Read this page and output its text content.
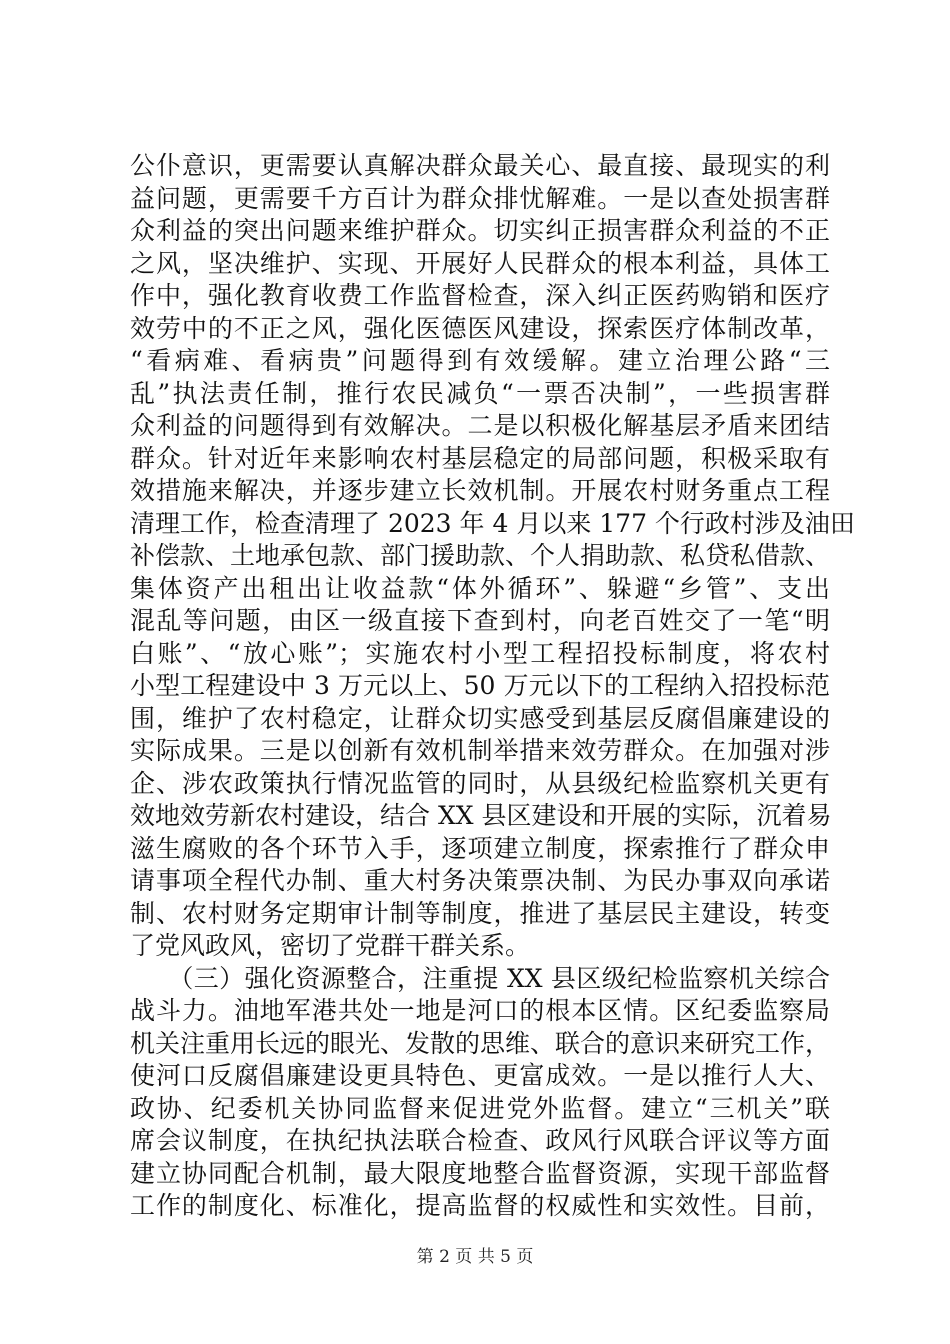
公仆意识，更需要认真解决群众最关心、最直接、最现实的利
益问题，更需要千方百计为群众排忧解难。一是以查处损害群
众利益的突出问题来维护群众。切实纠正损害群众利益的不正
之风，坚决维护、实现、开展好人民群众的根本利益，具体工
作中，强化教育收费工作监督检查，深入纠正医药购销和医疗
效劳中的不正之风，强化医德医风建设，探索医疗体制改革，
“看病难、看病贵”问题得到有效缓解。建立治理公路“三
乱”执法责任制，推行农民减负“一票否决制”，一些损害群
众利益的问题得到有效解决。二是以积极化解基层矛盾来团结
群众。针对近年来影响农村基层稳定的局部问题，积极采取有
效措施来解决，并逐步建立长效机制。开展农村财务重点工程
清理工作，检查清理了 2023 年 4 月以来 177 个行政村涉及油田
补偿款、土地承包款、部门援助款、个人捐助款、私贷私借款、
集体资产出租出让收益款“体外循环”、躲避“乡管”、支出
混乱等问题，由区一级直接下查到村，向老百姓交了一笔“明
白账”、“放心账”；实施农村小型工程招投标制度，将农村
小型工程建设中 3 万元以上、50 万元以下的工程纳入招投标范
围，维护了农村稳定，让群众切实感受到基层反腐倡廉建设的
实际成果。三是以创新有效机制举措来效劳群众。在加强对涉
企、涉农政策执行情况监管的同时，从县级纪检监察机关更有
效地效劳新农村建设，结合 XX 县区建设和开展的实际，沉着易
滋生腐败的各个环节入手，逐项建立制度，探索推行了群众申
请事项全程代办制、重大村务决策票决制、为民办事双向承诺
制、农村财务定期审计制等制度，推进了基层民主建设，转变
了党风政风，密切了党群干群关系。
　　（三）强化资源整合，注重提 XX 县区级纪检监察机关综合
战斗力。油地军港共处一地是河口的根本区情。区纪委监察局
机关注重用长远的眼光、发散的思维、联合的意识来研究工作，
使河口反腐倡廉建设更具特色、更富成效。一是以推行人大、
政协、纪委机关协同监督来促进党外监督。建立“三机关”联
席会议制度，在执纪执法联合检查、政风行风联合评议等方面
建立协同配合机制，最大限度地整合监督资源，实现干部监督
工作的制度化、标准化，提高监督的权威性和实效性。目前，
第 2 页 共 5 页
